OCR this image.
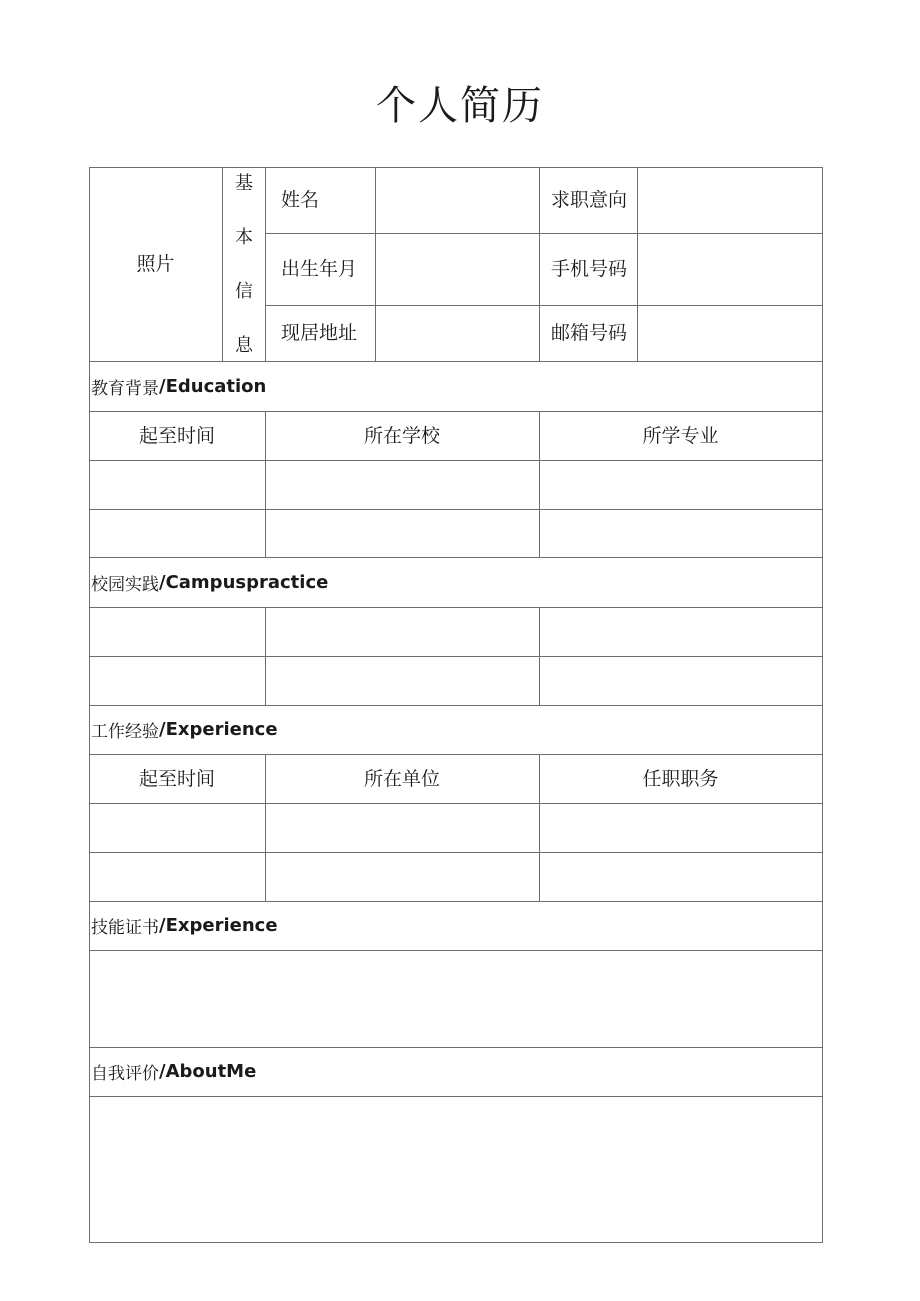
个人简历
照片
基
本
信
息
姓名	求职意向
出生年月	手机号码
现居地址	邮箱号码
教育背景 /Education
起至时间	所在学校	所学专业
校园实践 /Campuspractice
工作经验 /Experience
起至时间	所在单位	任职职务
技能证书 /Experience
自我评价 /AboutMe
